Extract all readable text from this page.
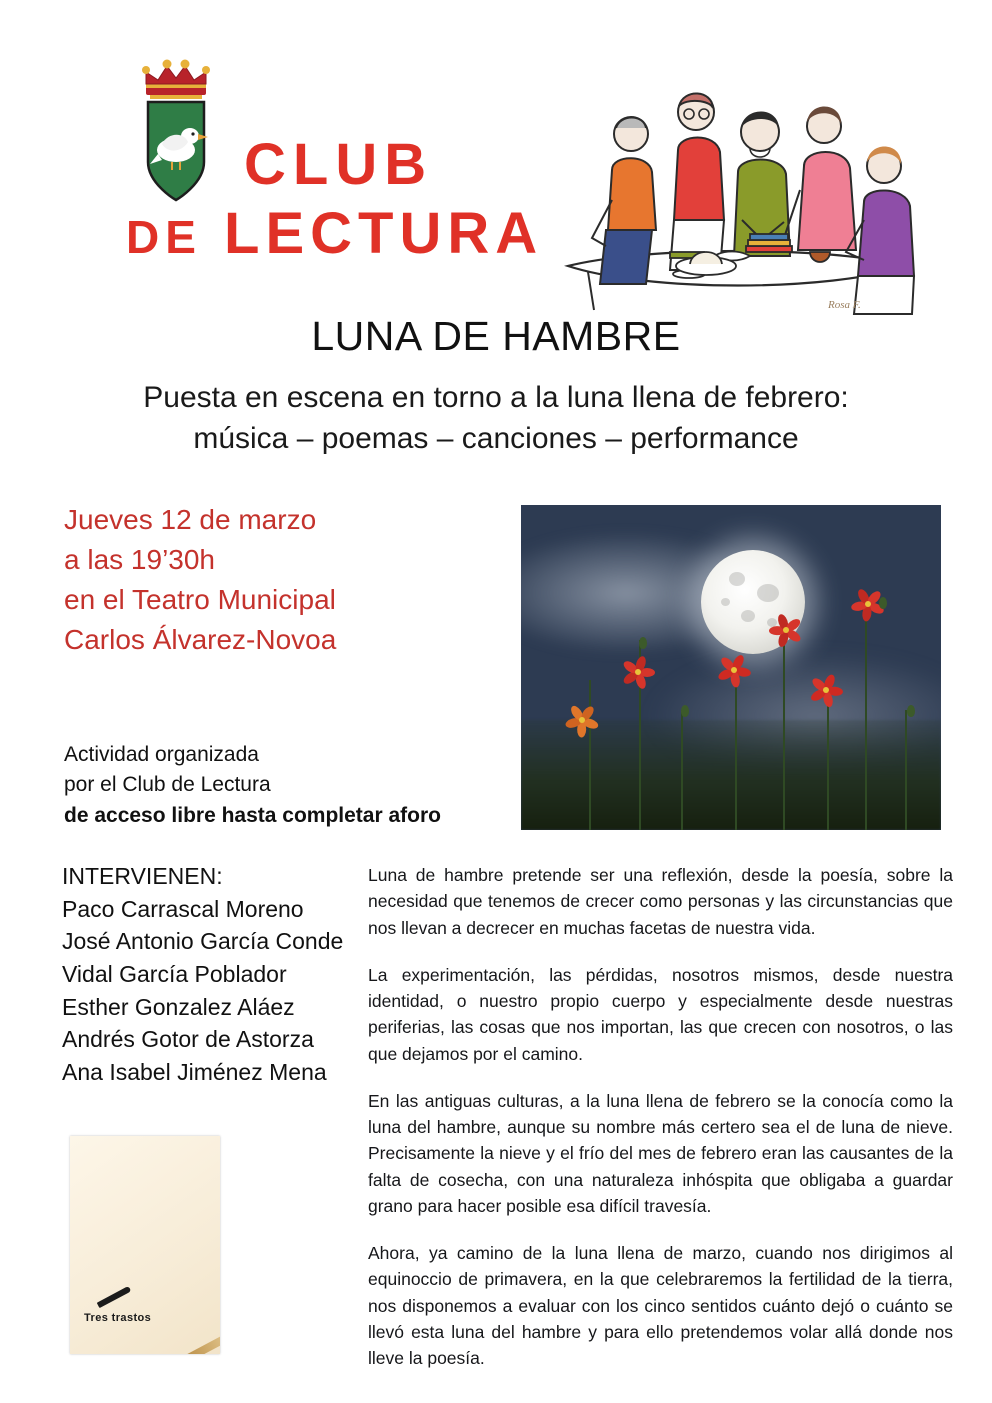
CLUB
DE LECTURA
Rosa F.
LUNA DE HAMBRE
Puesta en escena en torno a la luna llena de febrero:
música – poemas – canciones – performance
Jueves 12 de marzo
a las 19’30h
en el Teatro Municipal
Carlos Álvarez-Novoa
Actividad organizada
por el Club de Lectura
de acceso libre hasta completar aforo
INTERVIENEN:
Paco Carrascal Moreno
José Antonio García Conde
Vidal García Poblador
Esther Gonzalez Aláez
Andrés Gotor de Astorza
Ana Isabel Jiménez Mena
Tres trastos

Luna de hambre pretende ser una reflexión, desde la poesía, sobre la necesidad que tenemos de crecer como personas y las circunstancias que nos llevan a decrecer en muchas facetas de nuestra vida.

La experimentación, las pérdidas, nosotros mismos, desde nuestra identidad, o nuestro propio cuerpo y especialmente desde nuestras periferias, las cosas que nos importan, las que crecen con nosotros, o las que dejamos por el camino.

En las antiguas culturas, a la luna llena de febrero se la conocía como la luna del hambre, aunque su nombre más certero sea el de luna de nieve. Precisamente la nieve y el frío del mes de febrero eran las causantes de la falta de cosecha, con una naturaleza inhóspita que obligaba a guardar grano para hacer posible esa difícil travesía.

Ahora, ya camino de la luna llena de marzo, cuando nos dirigimos al equinoccio de primavera, en la que celebraremos la fertilidad de la tierra, nos disponemos a evaluar con los cinco sentidos cuánto dejó o cuánto se llevó esta luna del hambre y para ello pretendemos volar allá donde nos lleve la poesía.
